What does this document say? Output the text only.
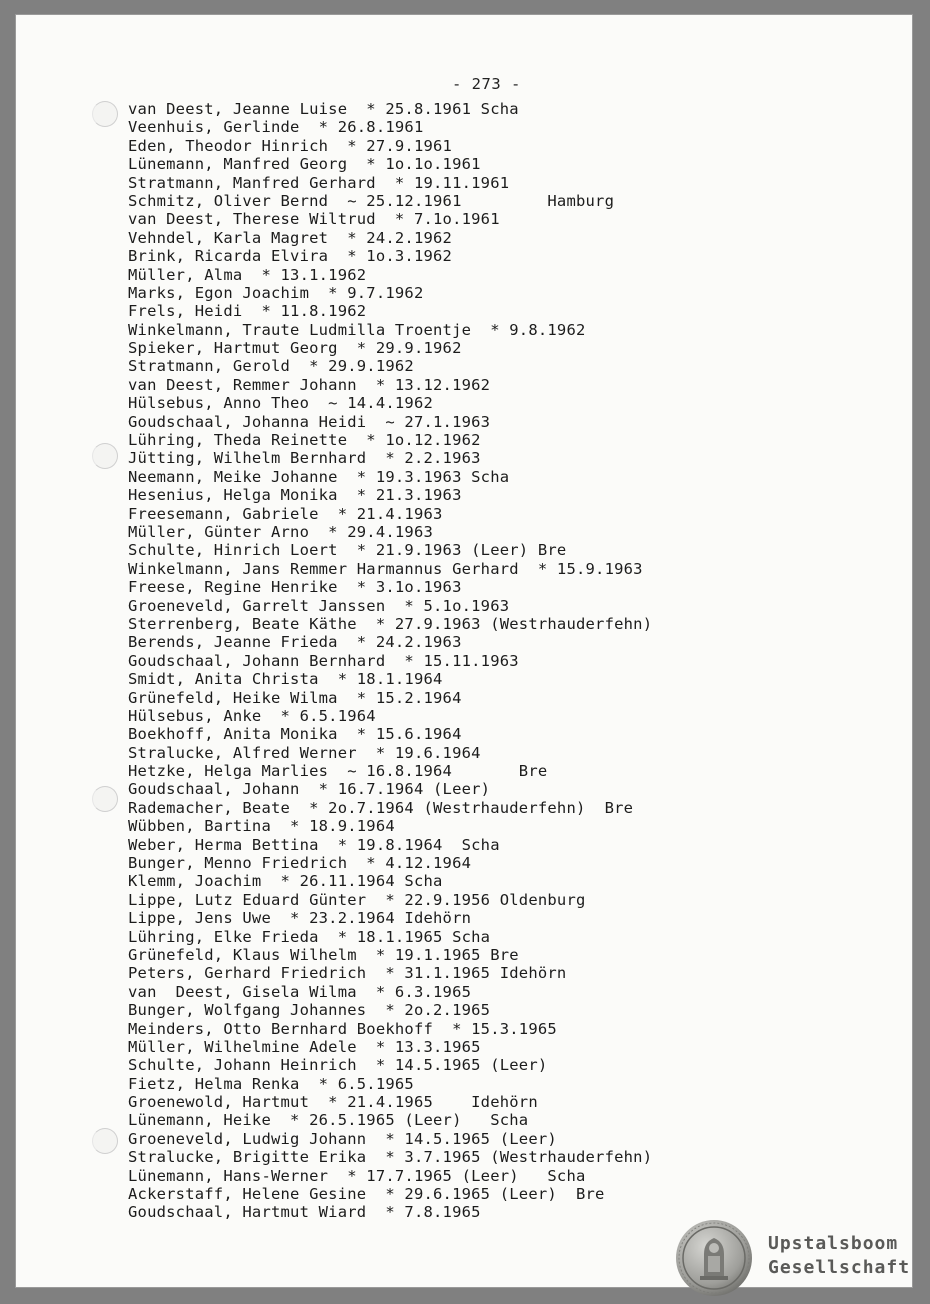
- 273 -

van Deest, Jeanne Luise  * 25.8.1961 Scha
Veenhuis, Gerlinde  * 26.8.1961
Eden, Theodor Hinrich  * 27.9.1961
Lünemann, Manfred Georg  * 1o.1o.1961
Stratmann, Manfred Gerhard  * 19.11.1961
Schmitz, Oliver Bernd  ~ 25.12.1961         Hamburg
van Deest, Therese Wiltrud  * 7.1o.1961
Vehndel, Karla Magret  * 24.2.1962
Brink, Ricarda Elvira  * 1o.3.1962
Müller, Alma  * 13.1.1962
Marks, Egon Joachim  * 9.7.1962
Frels, Heidi  * 11.8.1962
Winkelmann, Traute Ludmilla Troentje  * 9.8.1962
Spieker, Hartmut Georg  * 29.9.1962
Stratmann, Gerold  * 29.9.1962
van Deest, Remmer Johann  * 13.12.1962
Hülsebus, Anno Theo  ~ 14.4.1962
Goudschaal, Johanna Heidi  ~ 27.1.1963
Lühring, Theda Reinette  * 1o.12.1962
Jütting, Wilhelm Bernhard  * 2.2.1963
Neemann, Meike Johanne  * 19.3.1963 Scha
Hesenius, Helga Monika  * 21.3.1963
Freesemann, Gabriele  * 21.4.1963
Müller, Günter Arno  * 29.4.1963
Schulte, Hinrich Loert  * 21.9.1963 (Leer) Bre
Winkelmann, Jans Remmer Harmannus Gerhard  * 15.9.1963
Freese, Regine Henrike  * 3.1o.1963
Groeneveld, Garrelt Janssen  * 5.1o.1963
Sterrenberg, Beate Käthe  * 27.9.1963 (Westrhauderfehn)
Berends, Jeanne Frieda  * 24.2.1963
Goudschaal, Johann Bernhard  * 15.11.1963
Smidt, Anita Christa  * 18.1.1964
Grünefeld, Heike Wilma  * 15.2.1964
Hülsebus, Anke  * 6.5.1964
Boekhoff, Anita Monika  * 15.6.1964
Stralucke, Alfred Werner  * 19.6.1964
Hetzke, Helga Marlies  ~ 16.8.1964       Bre
Goudschaal, Johann  * 16.7.1964 (Leer)
Rademacher, Beate  * 2o.7.1964 (Westrhauderfehn)  Bre
Wübben, Bartina  * 18.9.1964
Weber, Herma Bettina  * 19.8.1964  Scha
Bunger, Menno Friedrich  * 4.12.1964
Klemm, Joachim  * 26.11.1964 Scha
Lippe, Lutz Eduard Günter  * 22.9.1956 Oldenburg
Lippe, Jens Uwe  * 23.2.1964 Idehörn
Lühring, Elke Frieda  * 18.1.1965 Scha
Grünefeld, Klaus Wilhelm  * 19.1.1965 Bre
Peters, Gerhard Friedrich  * 31.1.1965 Idehörn
van  Deest, Gisela Wilma  * 6.3.1965
Bunger, Wolfgang Johannes  * 2o.2.1965
Meinders, Otto Bernhard Boekhoff  * 15.3.1965
Müller, Wilhelmine Adele  * 13.3.1965
Schulte, Johann Heinrich  * 14.5.1965 (Leer)
Fietz, Helma Renka  * 6.5.1965
Groenewold, Hartmut  * 21.4.1965    Idehörn
Lünemann, Heike  * 26.5.1965 (Leer)   Scha
Groeneveld, Ludwig Johann  * 14.5.1965 (Leer)
Stralucke, Brigitte Erika  * 3.7.1965 (Westrhauderfehn)
Lünemann, Hans-Werner  * 17.7.1965 (Leer)   Scha
Ackerstaff, Helene Gesine  * 29.6.1965 (Leer)  Bre
Goudschaal, Hartmut Wiard  * 7.8.1965
Upstalsboom
Gesellschaft
